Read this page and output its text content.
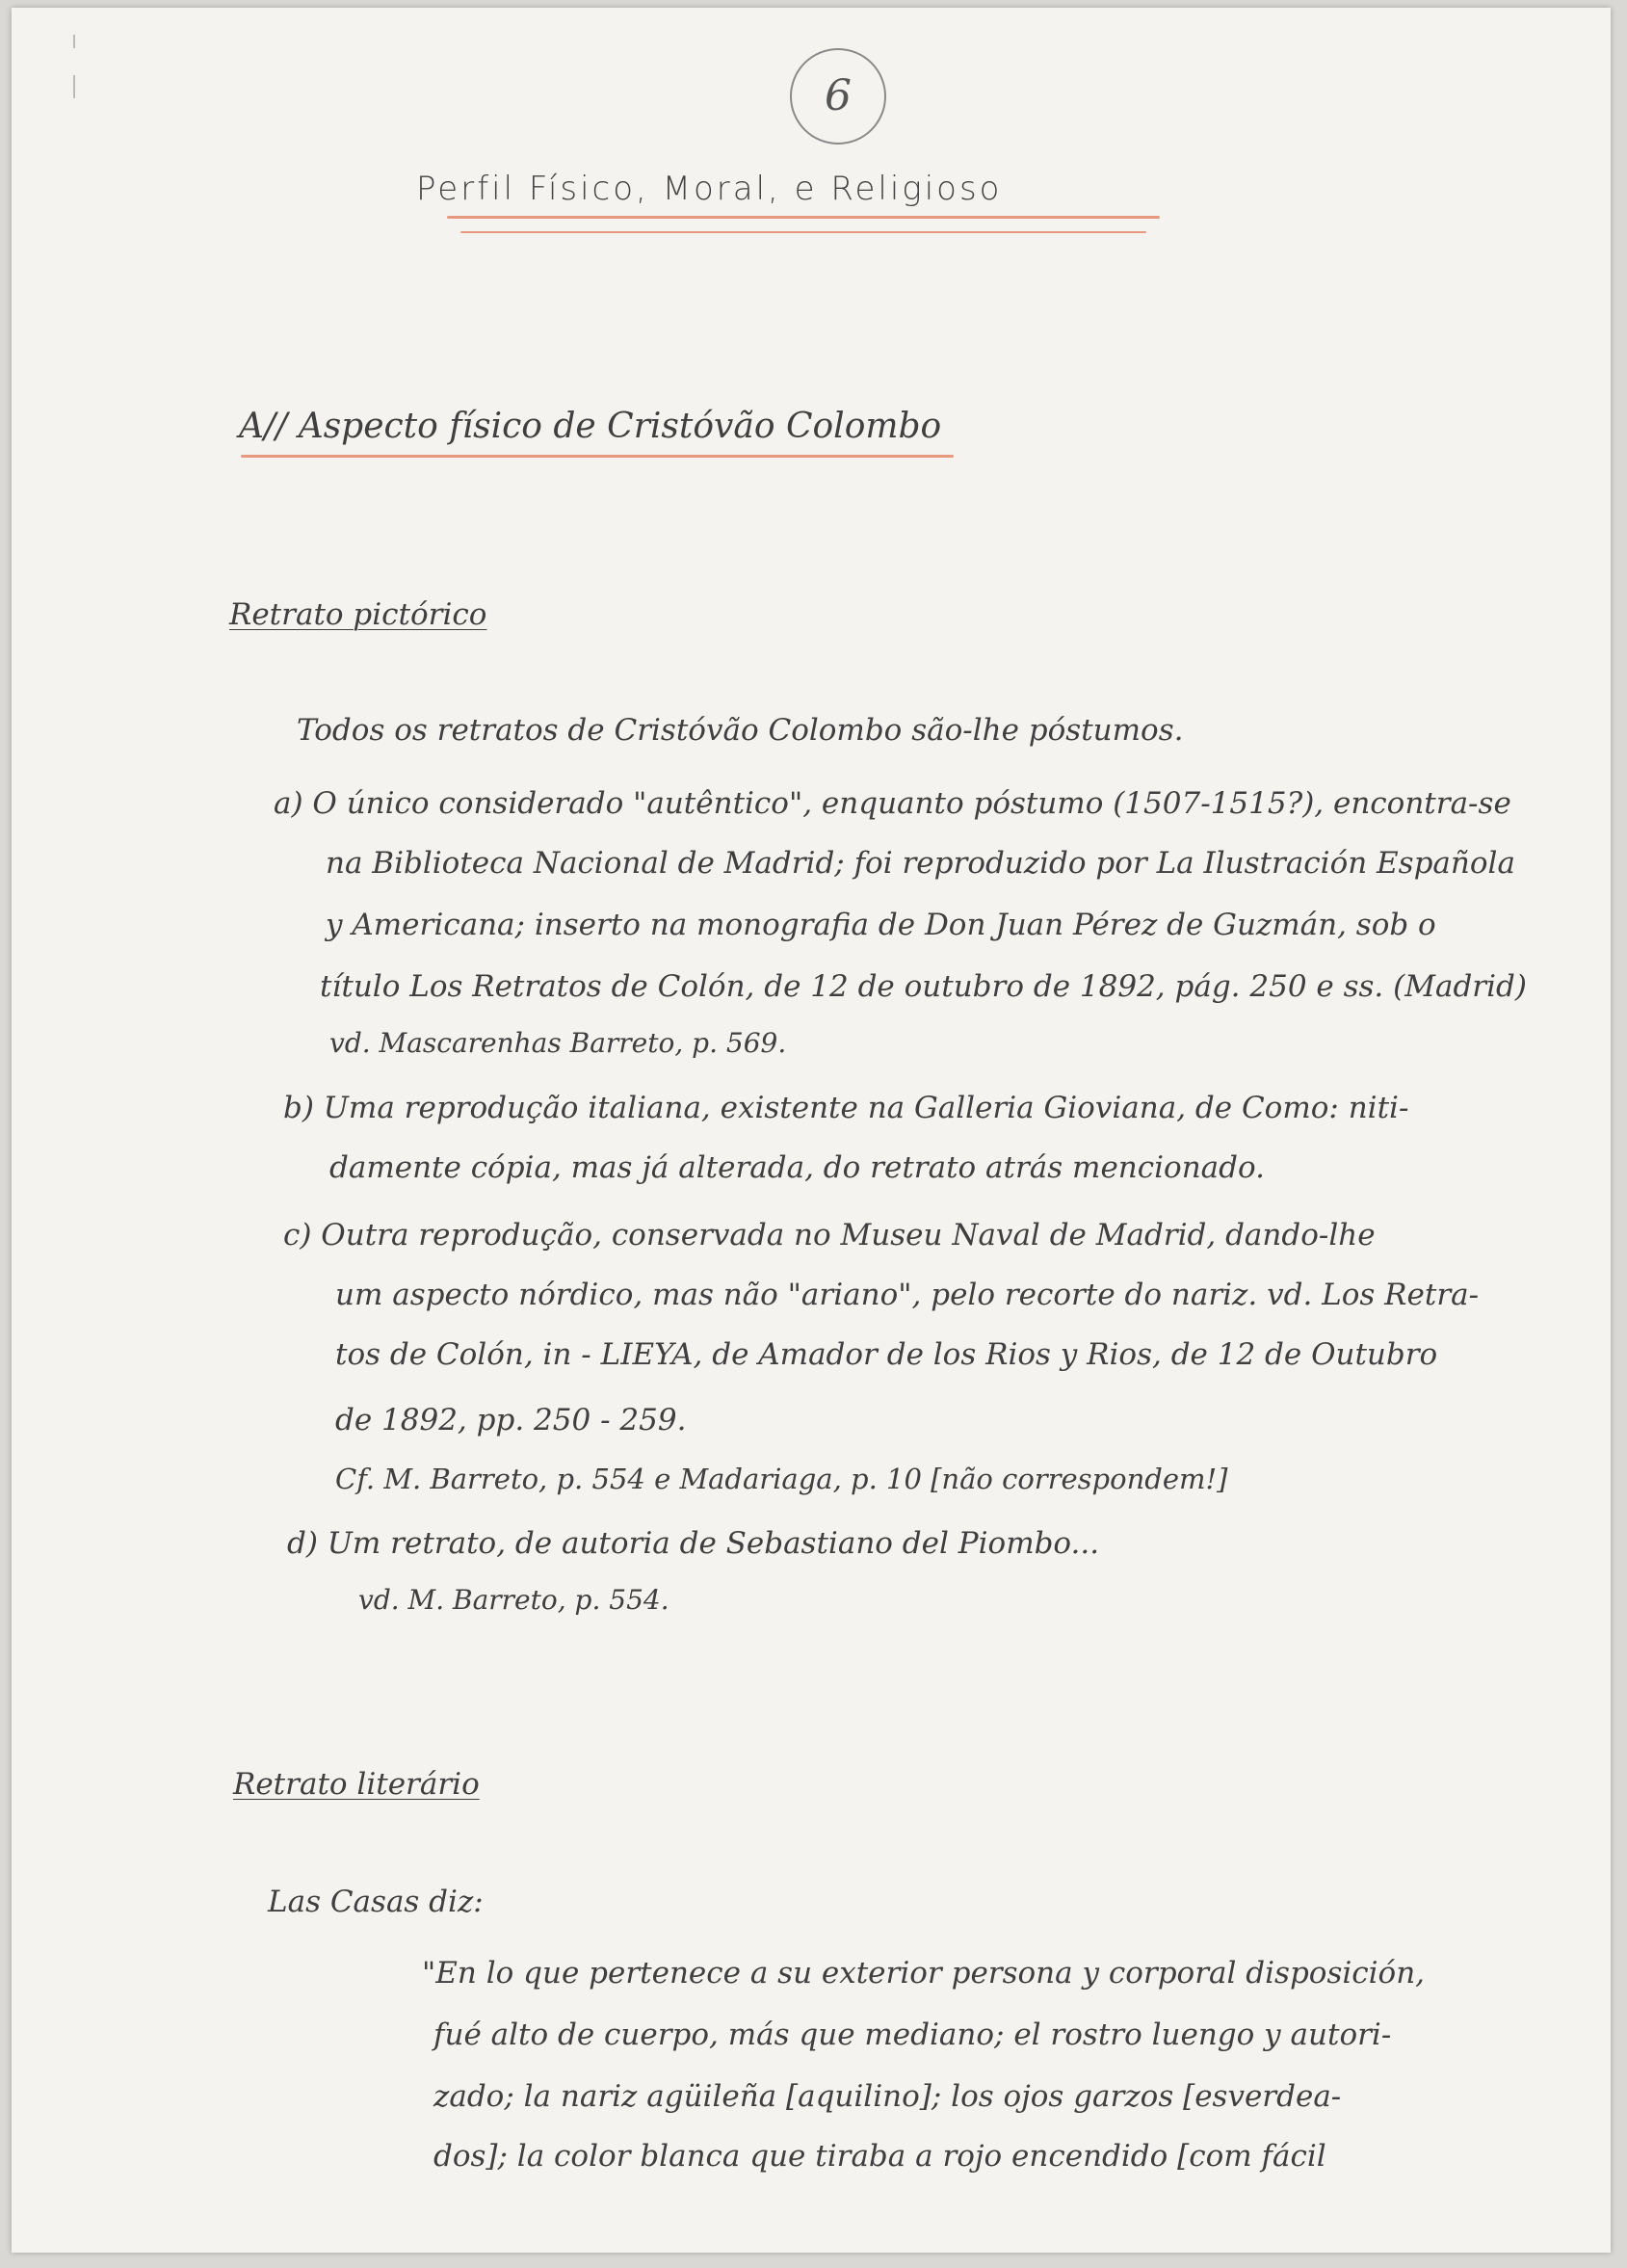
6
Perfil Físico, Moral, e Religioso
A// Aspecto físico de Cristóvão Colombo
Retrato pictórico
Todos os retratos de Cristóvão Colombo são-lhe póstumos.
a) O único considerado "autêntico", enquanto póstumo (1507-1515?), encontra-se
na Biblioteca Nacional de Madrid; foi reproduzido por La Ilustración Española
y Americana; inserto na monografia de Don Juan Pérez de Guzmán, sob o
título Los Retratos de Colón, de 12 de outubro de 1892, pág. 250 e ss. (Madrid)
vd. Mascarenhas Barreto, p. 569.
b) Uma reprodução italiana, existente na Galleria Gioviana, de Como: niti-
damente cópia, mas já alterada, do retrato atrás mencionado.
c) Outra reprodução, conservada no Museu Naval de Madrid, dando-lhe
um aspecto nórdico, mas não "ariano", pelo recorte do nariz. vd. Los Retra-
tos de Colón, in - LIEYA, de Amador de los Rios y Rios, de 12 de Outubro
de 1892, pp. 250 - 259.
Cf. M. Barreto, p. 554 e Madariaga, p. 10 [não correspondem!]
d) Um retrato, de autoria de Sebastiano del Piombo...
vd. M. Barreto, p. 554.
Retrato literário
Las Casas diz:
"En lo que pertenece a su exterior persona y corporal disposición,
fué alto de cuerpo, más que mediano; el rostro luengo y autori-
zado; la nariz agüileña [aquilino]; los ojos garzos [esverdea-
dos]; la color blanca que tiraba a rojo encendido [com fácil
